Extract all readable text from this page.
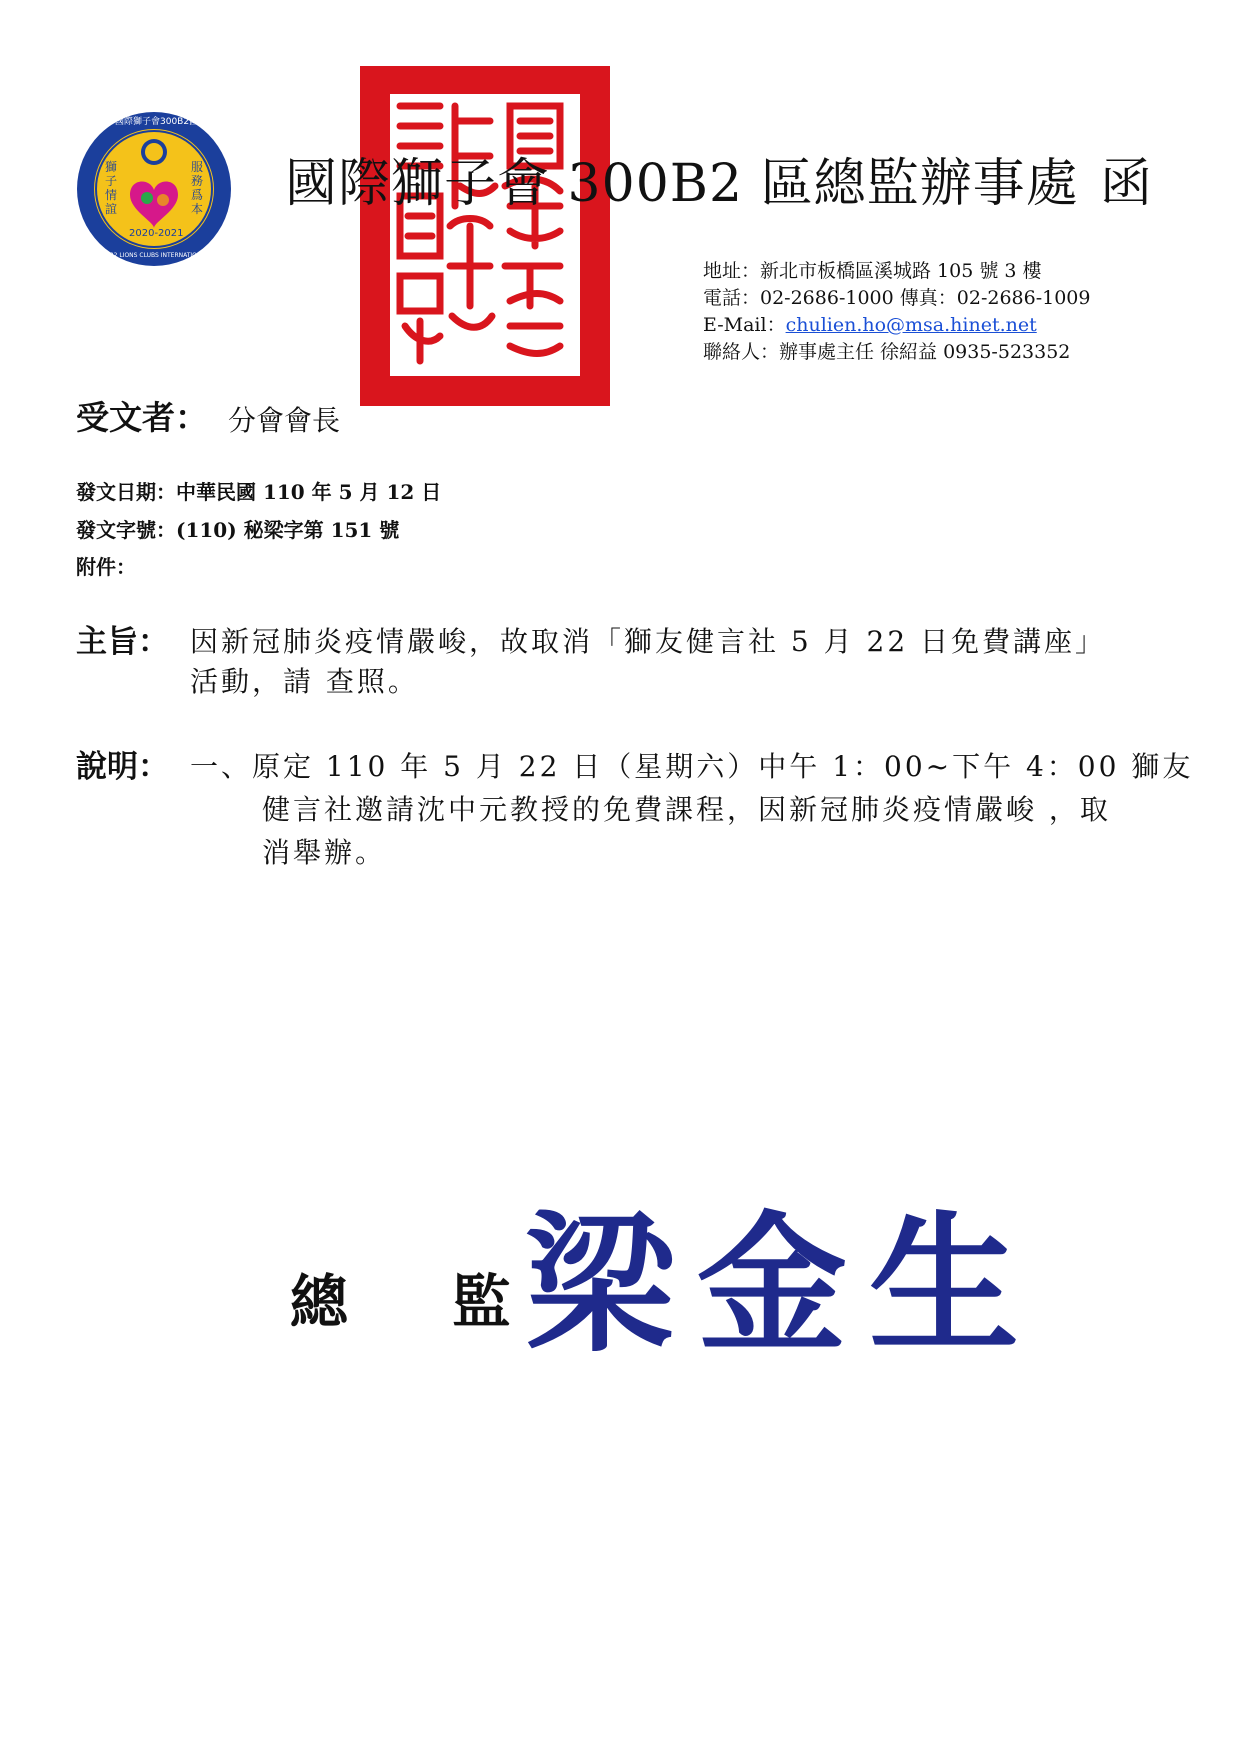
2020-2021
國際獅子會300B2區
DIST.300B2 LIONS CLUBS INTERNATIONAL
獅子情誼
服務爲本 國際獅子會 300B2 區總監辦事處 函
地址：新北市板橋區溪城路 105 號 3 樓
電話：02-2686-1000 傳真：02-2686-1009
E-Mail：chulien.ho@msa.hinet.net
聯絡人：辦事處主任 徐紹益 0935-523352
受文者： 分會會長
發文日期：中華民國 110 年 5 月 12 日
發文字號：(110) 秘梁字第 151 號
附件：
主旨： 因新冠肺炎疫情嚴峻，故取消「獅友健言社 5 月 22 日免費講座」
活動，請 查照。
說明： 一、原定 110 年 5 月 22 日（星期六）中午 1：00~下午 4：00 獅友
健言社邀請沈中元教授的免費課程，因新冠肺炎疫情嚴峻 ，取
消舉辦。
總 監
梁金生
